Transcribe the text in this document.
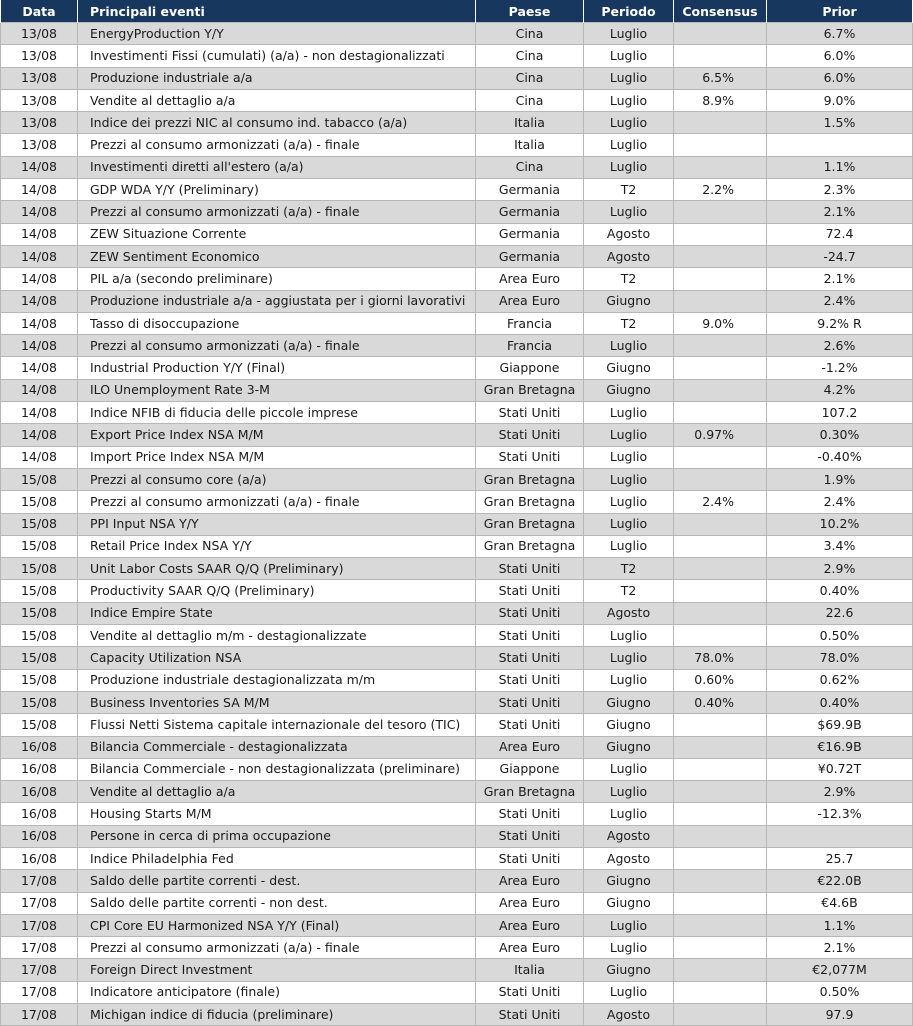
Data	Principali eventi	Paese	Periodo	Consensus	Prior
13/08	EnergyProduction Y/Y	Cina	Luglio		6.7%
13/08	Investimenti Fissi (cumulati) (a/a) - non destagionalizzati	Cina	Luglio		6.0%
13/08	Produzione industriale a/a	Cina	Luglio	6.5%	6.0%
13/08	Vendite al dettaglio a/a	Cina	Luglio	8.9%	9.0%
13/08	Indice dei prezzi NIC al consumo ind. tabacco (a/a)	Italia	Luglio		1.5%
13/08	Prezzi al consumo armonizzati (a/a) - finale	Italia	Luglio		
14/08	Investimenti diretti all'estero (a/a)	Cina	Luglio		1.1%
14/08	GDP WDA Y/Y (Preliminary)	Germania	T2	2.2%	2.3%
14/08	Prezzi al consumo armonizzati (a/a) - finale	Germania	Luglio		2.1%
14/08	ZEW Situazione Corrente	Germania	Agosto		72.4
14/08	ZEW Sentiment Economico	Germania	Agosto		-24.7
14/08	PIL a/a (secondo preliminare)	Area Euro	T2		2.1%
14/08	Produzione industriale a/a - aggiustata per i giorni lavorativi	Area Euro	Giugno		2.4%
14/08	Tasso di disoccupazione	Francia	T2	9.0%	9.2% R
14/08	Prezzi al consumo armonizzati (a/a) - finale	Francia	Luglio		2.6%
14/08	Industrial Production Y/Y (Final)	Giappone	Giugno		-1.2%
14/08	ILO Unemployment Rate 3-M	Gran Bretagna	Giugno		4.2%
14/08	Indice NFIB di fiducia delle piccole imprese	Stati Uniti	Luglio		107.2
14/08	Export Price Index NSA M/M	Stati Uniti	Luglio	0.97%	0.30%
14/08	Import Price Index NSA M/M	Stati Uniti	Luglio		-0.40%
15/08	Prezzi al consumo core (a/a)	Gran Bretagna	Luglio		1.9%
15/08	Prezzi al consumo armonizzati (a/a) - finale	Gran Bretagna	Luglio	2.4%	2.4%
15/08	PPI Input NSA Y/Y	Gran Bretagna	Luglio		10.2%
15/08	Retail Price Index NSA Y/Y	Gran Bretagna	Luglio		3.4%
15/08	Unit Labor Costs SAAR Q/Q (Preliminary)	Stati Uniti	T2		2.9%
15/08	Productivity SAAR Q/Q (Preliminary)	Stati Uniti	T2		0.40%
15/08	Indice Empire State	Stati Uniti	Agosto		22.6
15/08	Vendite al dettaglio m/m - destagionalizzate	Stati Uniti	Luglio		0.50%
15/08	Capacity Utilization NSA	Stati Uniti	Luglio	78.0%	78.0%
15/08	Produzione industriale destagionalizzata m/m	Stati Uniti	Luglio	0.60%	0.62%
15/08	Business Inventories SA M/M	Stati Uniti	Giugno	0.40%	0.40%
15/08	Flussi Netti Sistema capitale internazionale del tesoro (TIC)	Stati Uniti	Giugno		$69.9B
16/08	Bilancia Commerciale - destagionalizzata	Area Euro	Giugno		€16.9B
16/08	Bilancia Commerciale - non destagionalizzata (preliminare)	Giappone	Luglio		¥0.72T
16/08	Vendite al dettaglio a/a	Gran Bretagna	Luglio		2.9%
16/08	Housing Starts M/M	Stati Uniti	Luglio		-12.3%
16/08	Persone in cerca di prima occupazione	Stati Uniti	Agosto		
16/08	Indice Philadelphia Fed	Stati Uniti	Agosto		25.7
17/08	Saldo delle partite correnti - dest.	Area Euro	Giugno		€22.0B
17/08	Saldo delle partite correnti - non dest.	Area Euro	Giugno		€4.6B
17/08	CPI Core EU Harmonized NSA Y/Y (Final)	Area Euro	Luglio		1.1%
17/08	Prezzi al consumo armonizzati (a/a) - finale	Area Euro	Luglio		2.1%
17/08	Foreign Direct Investment	Italia	Giugno		€2,077M
17/08	Indicatore anticipatore (finale)	Stati Uniti	Luglio		0.50%
17/08	Michigan indice di fiducia (preliminare)	Stati Uniti	Agosto		97.9
